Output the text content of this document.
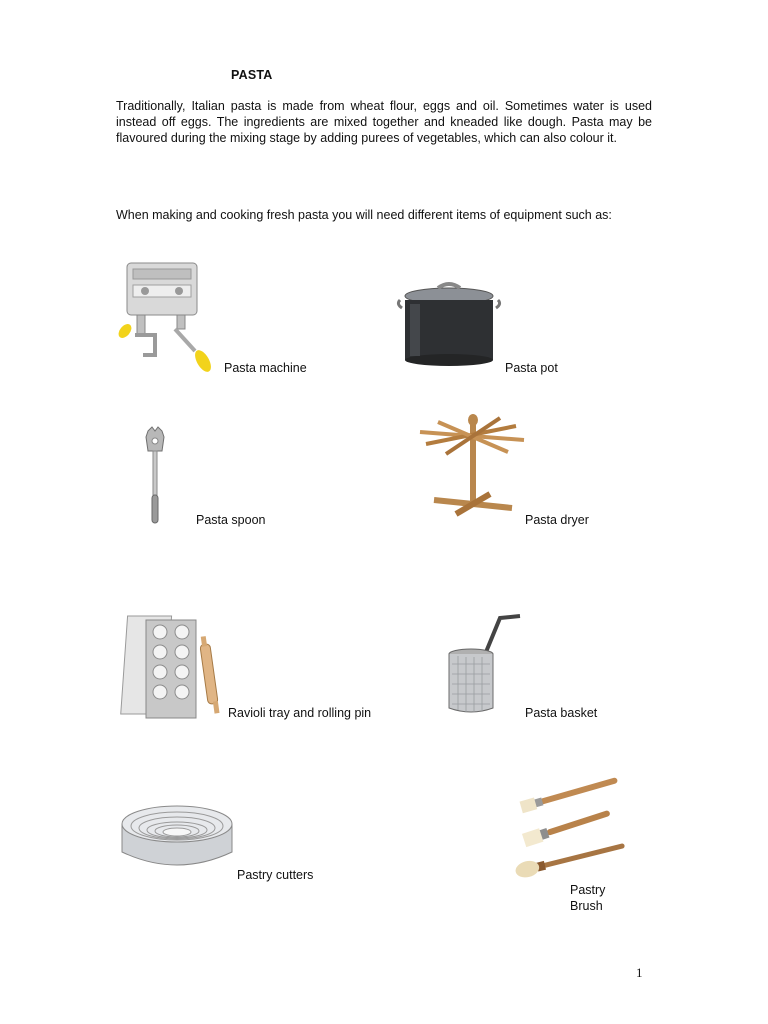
PASTA

Traditionally, Italian pasta is made from wheat flour, eggs and oil. Sometimes water is used instead off eggs. The ingredients are mixed together and kneaded like dough. Pasta may be flavoured during the mixing stage by adding purees of vegetables, which can also colour it.

When making and cooking fresh pasta you will need different items of equipment such as:

Pasta machine	Pasta pot
Pasta spoon	Pasta dryer
Ravioli tray and rolling pin	Pasta basket
Pastry cutters
Pastry
Brush
1
